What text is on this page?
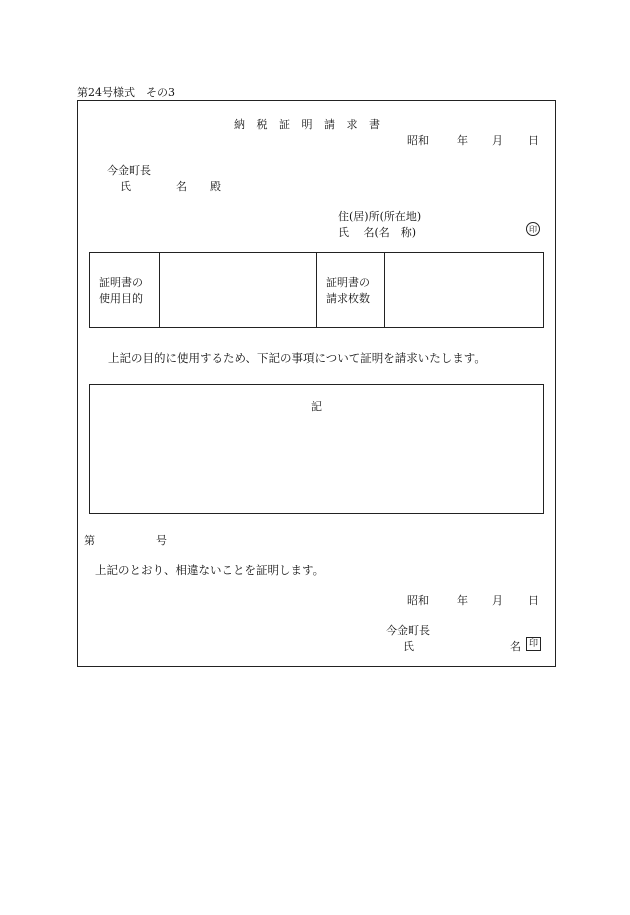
第24号様式　その3
納 税 証 明 請 求 書
昭和	年 月 日
今金町長
氏	名 殿
住(居)所(所在地)
氏　 名(名　称)	印
証明書の
使用目的
証明書の
請求枚数
上記の目的に使用するため、下記の事項について証明を請求いたします。
記
第	号
上記のとおり、相違ないことを証明します。
昭和	年 月 日
今金町長
氏	名 印
